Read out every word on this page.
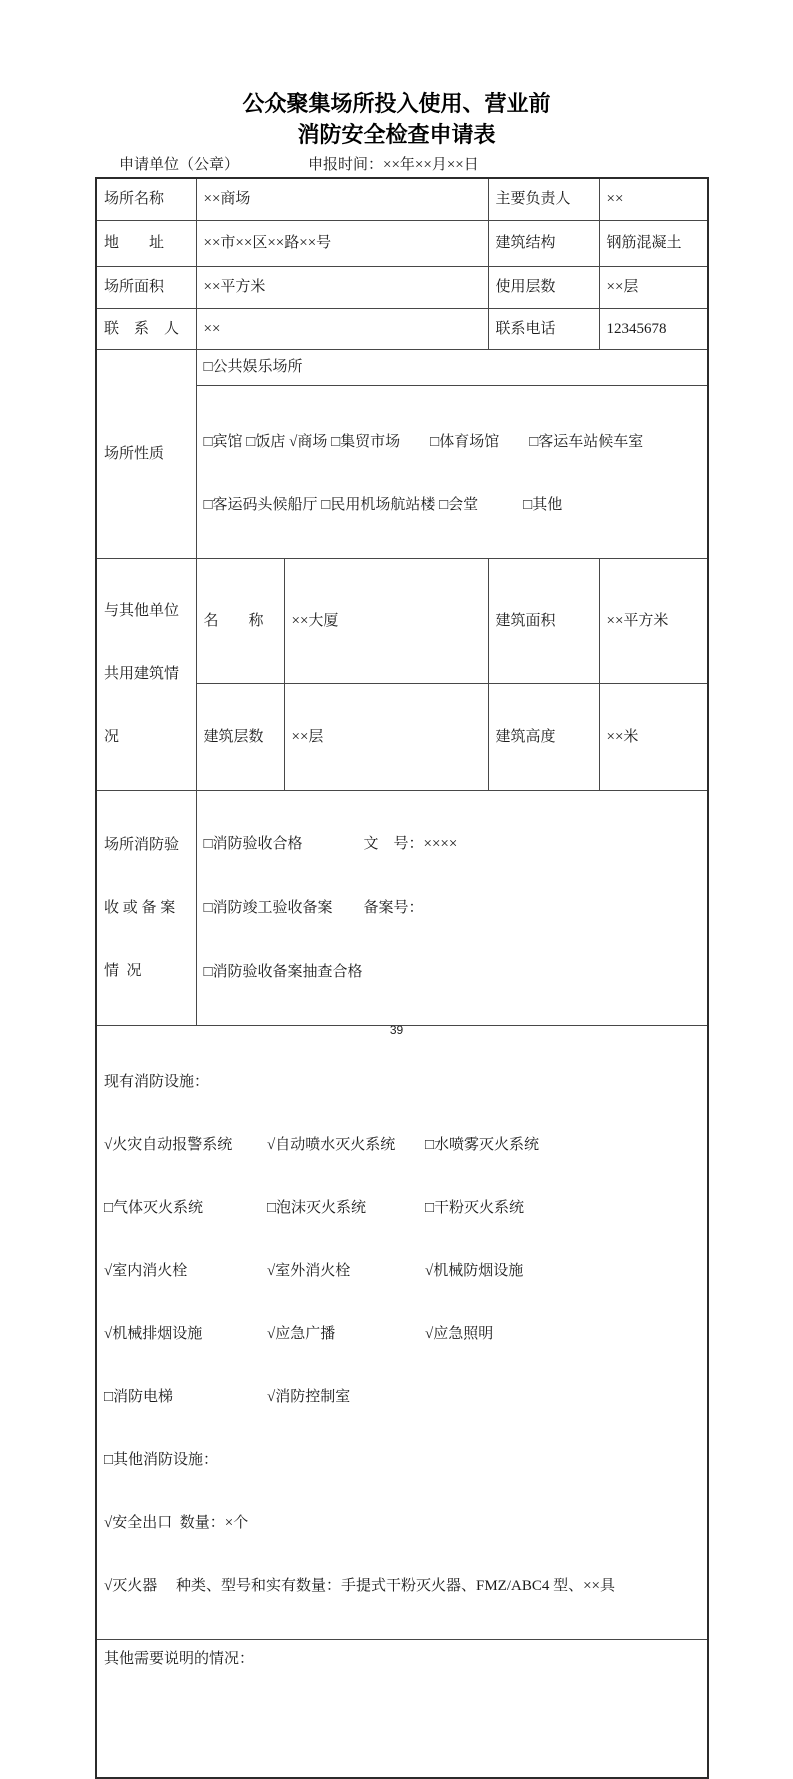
公众聚集场所投入使用、营业前
消防安全检查申请表
申请单位（公章）	申报时间：××年××月××日
场所名称	××商场		主要负责人	××
地　　址	××市××区××路××号		建筑结构	钢筋混凝土
场所面积	××平方米		使用层数	××层
联　系　人	××		联系电话	12345678
场所性质	□公共娱乐场所			

	□宾馆 □饭店 √商场 □集贸市场　　□体育场馆　　□客运车站候车室

□客运码头候船厅 □民用机场航站楼 □会堂　　　□其他			

与其他单位

共用建筑情

况	名　　称	××大厦	建筑面积	××平方米
	建筑层数	××层	建筑高度	××米

场所消防验

收 或 备 案

情  况

□消防验收合格	文　号：××××

□消防竣工验收备案	备案号：

□消防验收备案抽查合格

现有消防设施：

√火灾自动报警系统	√自动喷水灭火系统	□水喷雾灭火系统

□气体灭火系统	□泡沫灭火系统	□干粉灭火系统

√室内消火栓	√室外消火栓	√机械防烟设施

√机械排烟设施	√应急广播	√应急照明

□消防电梯	√消防控制室

□其他消防设施：

√安全出口  数量：×个

√灭火器　 种类、型号和实有数量：手提式干粉灭火器、FMZ/ABC4 型、××具

其他需要说明的情况：				
39
